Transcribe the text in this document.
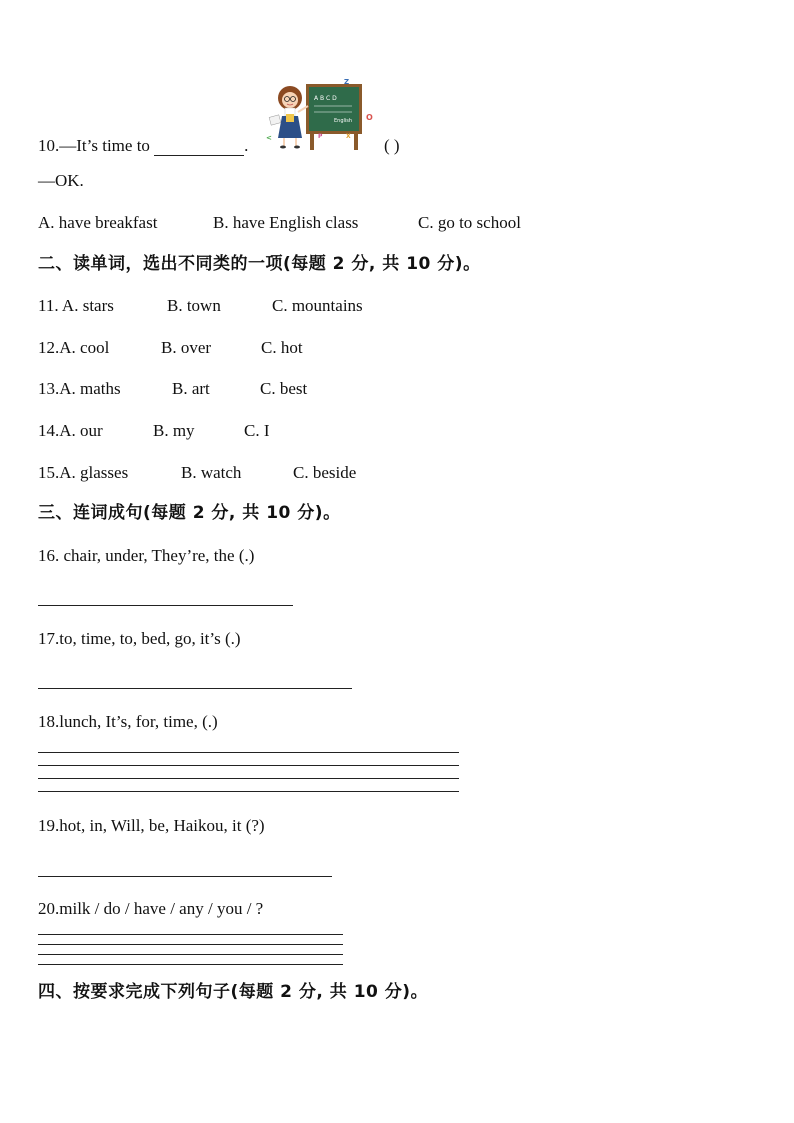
10.—It’s time to	.	( )
A B C D
English
Z
O
X
P
<
—OK.
A. have breakfast	B. have English class	C. go to school
二、读单词，选出不同类的一项(每题 2 分, 共 10 分)。
11. A. stars	B. town	C. mountains
12.A. cool	B. over	C. hot
13.A. maths	B. art	C. best
14.A. our	B. my	C. I
15.A. glasses	B. watch	C. beside
三、连词成句(每题 2 分, 共 10 分)。
16. chair, under, They’re, the (.)
17.to, time, to, bed, go, it’s (.)
18.lunch, It’s, for, time, (.)
19.hot, in, Will, be, Haikou, it (?)
20.milk / do / have / any / you / ?
四、按要求完成下列句子(每题 2 分, 共 10 分)。
